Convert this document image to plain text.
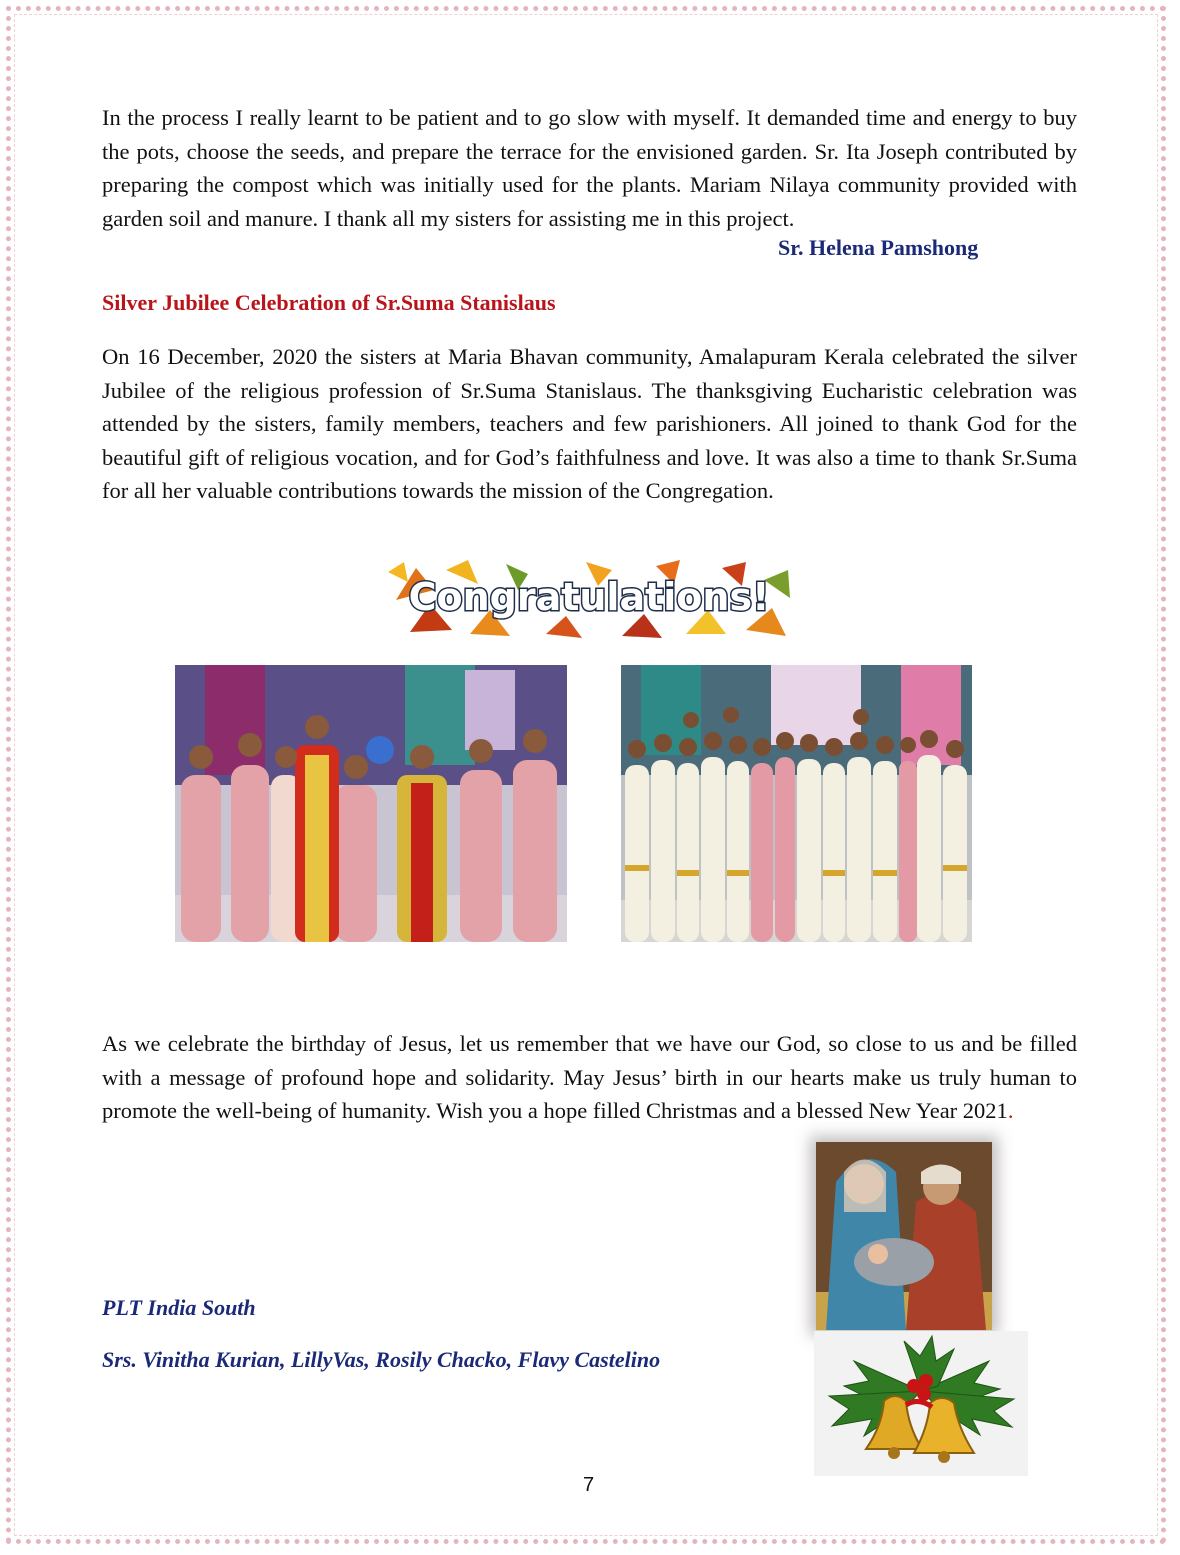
In the process I really learnt to be patient and to go slow with myself. It demanded time and energy to buy the pots, choose the seeds, and prepare the terrace for the envisioned garden. Sr. Ita Joseph contributed by preparing the compost which was initially used for the plants. Mariam Nilaya community provided with garden soil and manure. I thank all my sisters for assisting me in this project.

Sr. Helena Pamshong
Silver Jubilee Celebration of Sr.Suma Stanislaus

On 16 December, 2020 the sisters at Maria Bhavan community, Amalapuram Kerala celebrated the silver Jubilee of the religious profession of Sr.Suma Stanislaus. The thanksgiving Eucharistic celebration was attended by the sisters, family members, teachers and few parishioners. All joined to thank God for the beautiful gift of religious vocation, and for God’s faithfulness and love. It was also a time to thank Sr.Suma for all her valuable contributions towards the mission of the Congregation.

Congratulations!

As we celebrate the birthday of Jesus, let us remember that we have our God, so close to us and be filled with a message of profound hope and solidarity. May Jesus’ birth in our hearts make us truly human to promote the well-being of humanity. Wish you a hope filled Christmas and a blessed New Year 2021.

PLT India South

Srs. Vinitha Kurian, LillyVas, Rosily Chacko, Flavy Castelino

7
